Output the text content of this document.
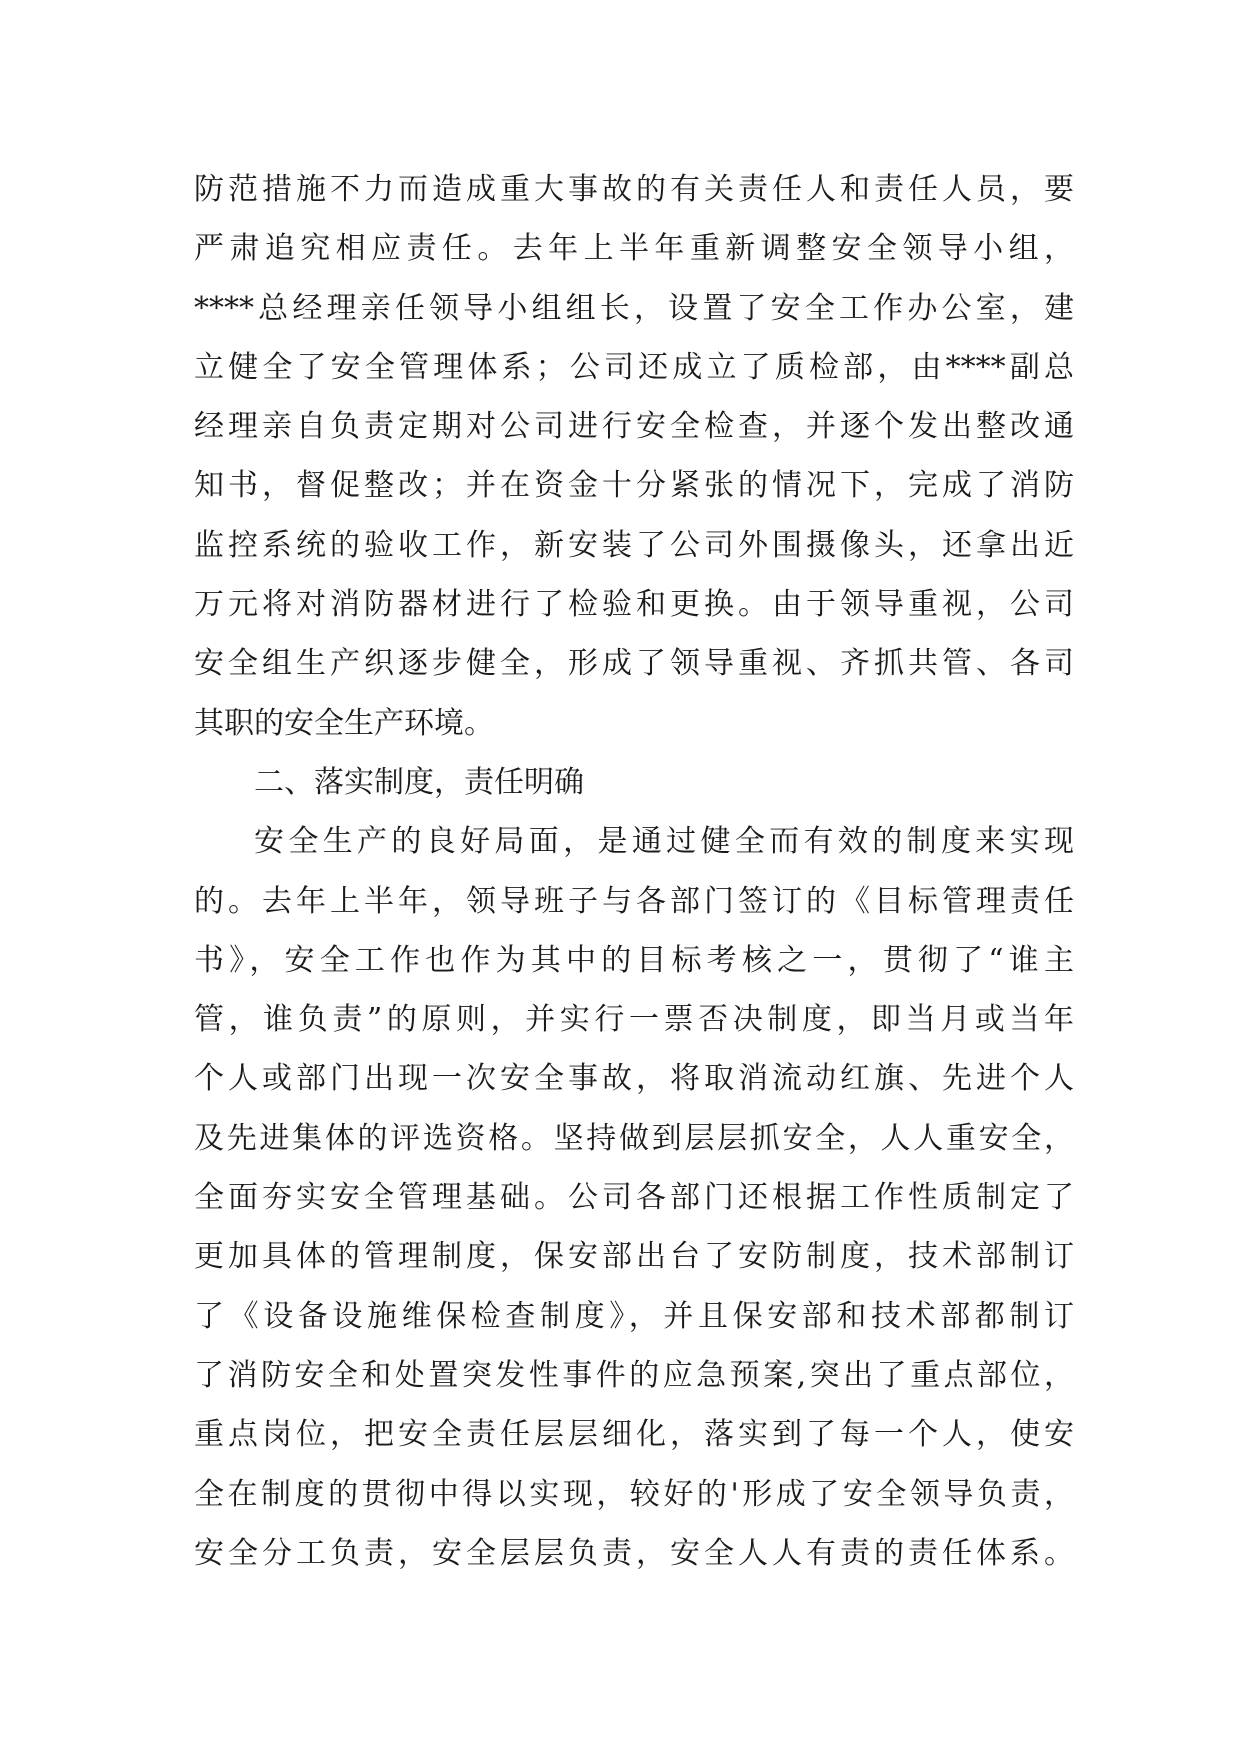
防范措施不力而造成重大事故的有关责任人和责任人员，要
严肃追究相应责任。去年上半年重新调整安全领导小组，
****总经理亲任领导小组组长，设置了安全工作办公室，建
立健全了安全管理体系；公司还成立了质检部，由****副总
经理亲自负责定期对公司进行安全检查，并逐个发出整改通
知书，督促整改；并在资金十分紧张的情况下，完成了消防
监控系统的验收工作，新安装了公司外围摄像头，还拿出近
万元将对消防器材进行了检验和更换。由于领导重视，公司
安全组生产织逐步健全，形成了领导重视、齐抓共管、各司
其职的安全生产环境。
二、落实制度，责任明确
安全生产的良好局面，是通过健全而有效的制度来实现
的。去年上半年，领导班子与各部门签订的《目标管理责任
书》，安全工作也作为其中的目标考核之一，贯彻了“谁主
管，谁负责”的原则，并实行一票否决制度，即当月或当年
个人或部门出现一次安全事故，将取消流动红旗、先进个人
及先进集体的评选资格。坚持做到层层抓安全，人人重安全，
全面夯实安全管理基础。公司各部门还根据工作性质制定了
更加具体的管理制度，保安部出台了安防制度，技术部制订
了《设备设施维保检查制度》，并且保安部和技术部都制订
了消防安全和处置突发性事件的应急预案,突出了重点部位，
重点岗位，把安全责任层层细化，落实到了每一个人，使安
全在制度的贯彻中得以实现，较好的'形成了安全领导负责，
安全分工负责，安全层层负责，安全人人有责的责任体系。
